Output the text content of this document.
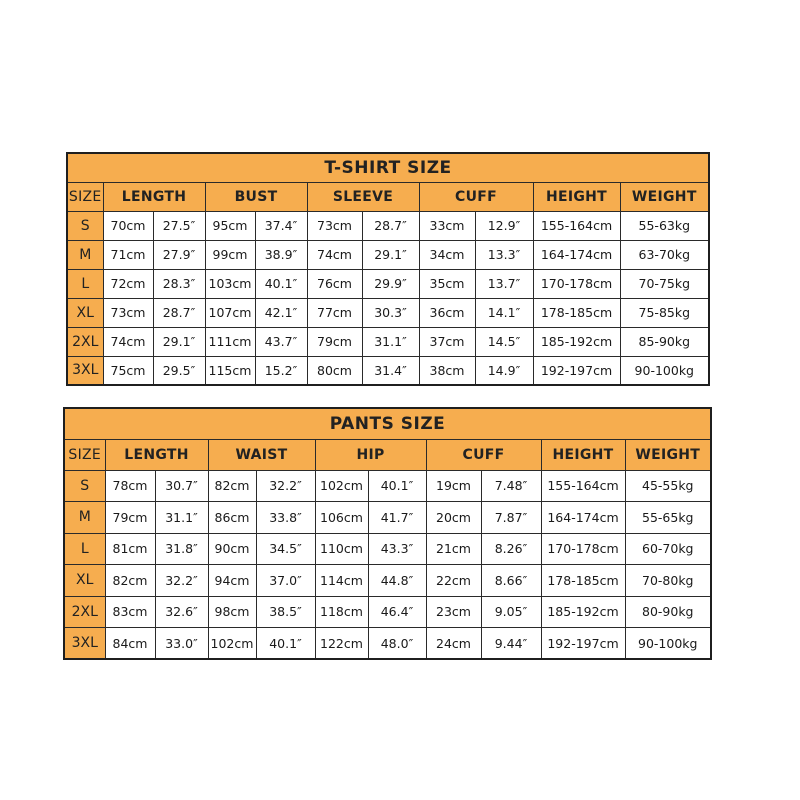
T-SHIRT SIZE										
SIZE	LENGTH		BUST		SLEEVE		CUFF		HEIGHT	WEIGHT
S	70cm	27.5″	95cm	37.4″	73cm	28.7″	33cm	12.9″	155-164cm	55-63kg
M	71cm	27.9″	99cm	38.9″	74cm	29.1″	34cm	13.3″	164-174cm	63-70kg
L	72cm	28.3″	103cm	40.1″	76cm	29.9″	35cm	13.7″	170-178cm	70-75kg
XL	73cm	28.7″	107cm	42.1″	77cm	30.3″	36cm	14.1″	178-185cm	75-85kg
2XL	74cm	29.1″	111cm	43.7″	79cm	31.1″	37cm	14.5″	185-192cm	85-90kg
3XL	75cm	29.5″	115cm	15.2″	80cm	31.4″	38cm	14.9″	192-197cm	90-100kg
PANTS SIZE										
SIZE	LENGTH		WAIST		HIP		CUFF		HEIGHT	WEIGHT
S	78cm	30.7″	82cm	32.2″	102cm	40.1″	19cm	7.48″	155-164cm	45-55kg
M	79cm	31.1″	86cm	33.8″	106cm	41.7″	20cm	7.87″	164-174cm	55-65kg
L	81cm	31.8″	90cm	34.5″	110cm	43.3″	21cm	8.26″	170-178cm	60-70kg
XL	82cm	32.2″	94cm	37.0″	114cm	44.8″	22cm	8.66″	178-185cm	70-80kg
2XL	83cm	32.6″	98cm	38.5″	118cm	46.4″	23cm	9.05″	185-192cm	80-90kg
3XL	84cm	33.0″	102cm	40.1″	122cm	48.0″	24cm	9.44″	192-197cm	90-100kg
